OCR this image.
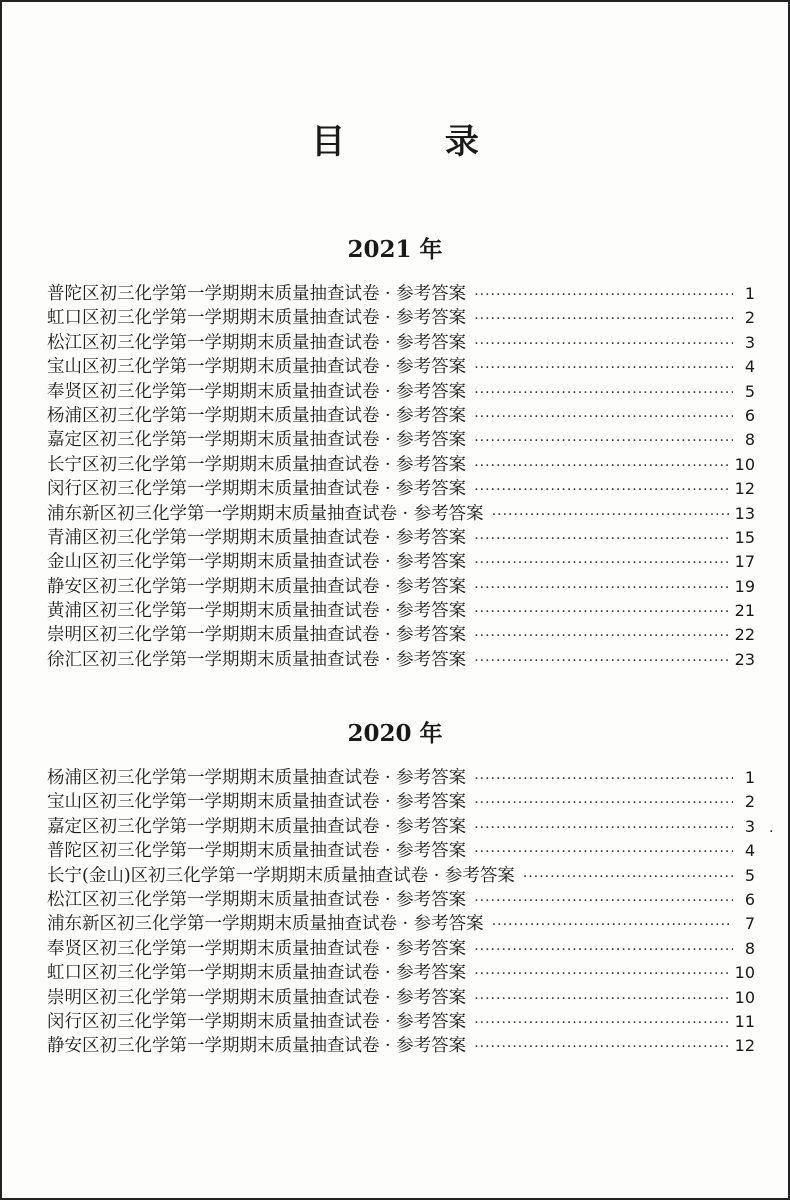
目 录
2021 年
普陀区初三化学第一学期期末质量抽查试卷 · 参考答案 ·····	1
虹口区初三化学第一学期期末质量抽查试卷 · 参考答案 ·····	2
松江区初三化学第一学期期末质量抽查试卷 · 参考答案 ·····	3
宝山区初三化学第一学期期末质量抽查试卷 · 参考答案 ·····	4
奉贤区初三化学第一学期期末质量抽查试卷 · 参考答案 ·····	5
杨浦区初三化学第一学期期末质量抽查试卷 · 参考答案 ·····	6
嘉定区初三化学第一学期期末质量抽查试卷 · 参考答案 ·····	8
长宁区初三化学第一学期期末质量抽查试卷 · 参考答案 ·····	10
闵行区初三化学第一学期期末质量抽查试卷 · 参考答案 ·····	12
浦东新区初三化学第一学期期末质量抽查试卷 · 参考答案 ·····	13
青浦区初三化学第一学期期末质量抽查试卷 · 参考答案 ·····	15
金山区初三化学第一学期期末质量抽查试卷 · 参考答案 ·····	17
静安区初三化学第一学期期末质量抽查试卷 · 参考答案 ·····	19
黄浦区初三化学第一学期期末质量抽查试卷 · 参考答案 ·····	21
崇明区初三化学第一学期期末质量抽查试卷 · 参考答案 ·····	22
徐汇区初三化学第一学期期末质量抽查试卷 · 参考答案 ·····	23
2020 年
杨浦区初三化学第一学期期末质量抽查试卷 · 参考答案 ·····	1
宝山区初三化学第一学期期末质量抽查试卷 · 参考答案 ·····	2
嘉定区初三化学第一学期期末质量抽查试卷 · 参考答案 ·····	3
普陀区初三化学第一学期期末质量抽查试卷 · 参考答案 ·····	4
长宁(金山)区初三化学第一学期期末质量抽查试卷 · 参考答案 ·····	5
松江区初三化学第一学期期末质量抽查试卷 · 参考答案 ·····	6
浦东新区初三化学第一学期期末质量抽查试卷 · 参考答案 ·····	7
奉贤区初三化学第一学期期末质量抽查试卷 · 参考答案 ·····	8
虹口区初三化学第一学期期末质量抽查试卷 · 参考答案 ·····	10
崇明区初三化学第一学期期末质量抽查试卷 · 参考答案 ·····	10
闵行区初三化学第一学期期末质量抽查试卷 · 参考答案 ·····	11
静安区初三化学第一学期期末质量抽查试卷 · 参考答案 ·····	12
·
